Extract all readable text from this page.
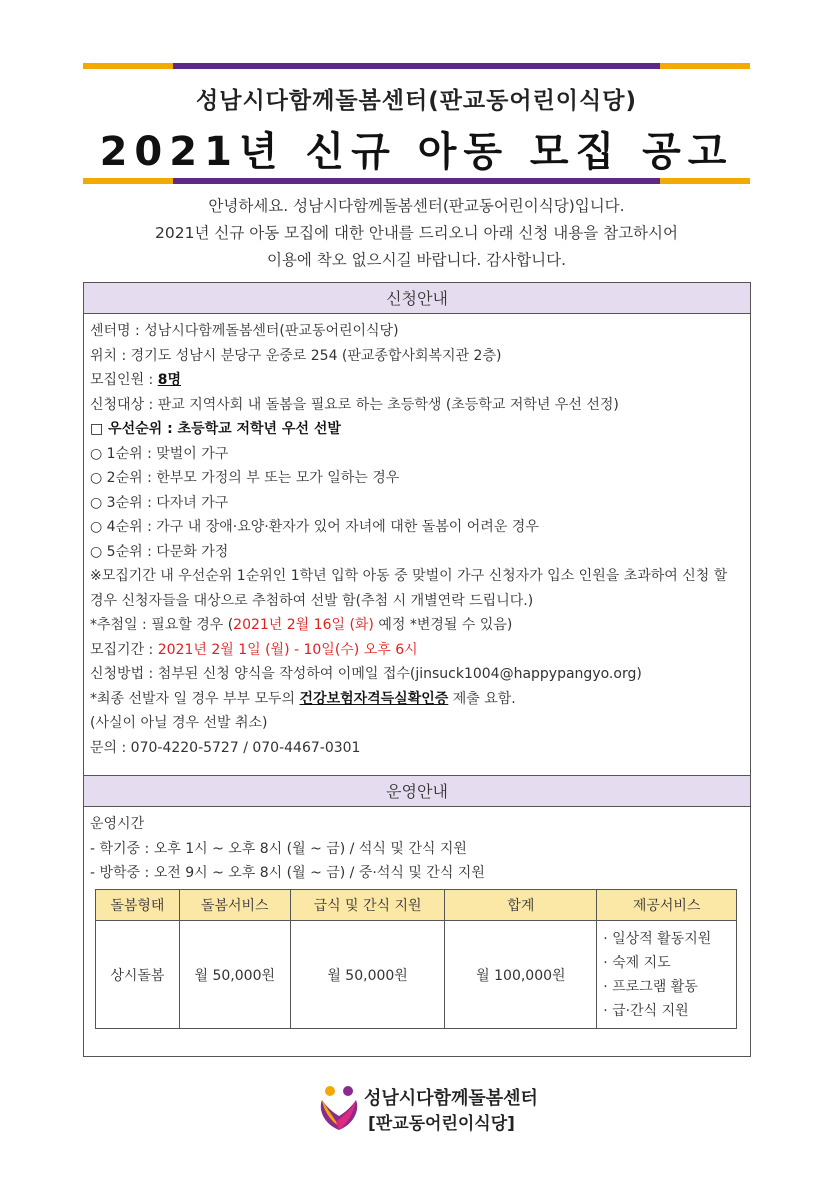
성남시다함께돌봄센터(판교동어린이식당)
2021년 신규 아동 모집 공고
안녕하세요. 성남시다함께돌봄센터(판교동어린이식당)입니다.
2021년 신규 아동 모집에 대한 안내를 드리오니 아래 신청 내용을 참고하시어
이용에 착오 없으시길 바랍니다. 감사합니다.
신청안내
센터명 : 성남시다함께돌봄센터(판교동어린이식당)
위치 : 경기도 성남시 분당구 운중로 254 (판교종합사회복지관 2층)
모집인원 : 8명
신청대상 : 판교 지역사회 내 돌봄을 필요로 하는 초등학생 (초등학교 저학년 우선 선정)
□ 우선순위 : 초등학교 저학년 우선 선발
○ 1순위 : 맞벌이 가구
○ 2순위 : 한부모 가정의 부 또는 모가 일하는 경우
○ 3순위 : 다자녀 가구
○ 4순위 : 가구 내 장애·요양·환자가 있어 자녀에 대한 돌봄이 어려운 경우
○ 5순위 : 다문화 가정
※모집기간 내 우선순위 1순위인 1학년 입학 아동 중 맞벌이 가구 신청자가 입소 인원을 초과하여 신청 할 경우 신청자들을 대상으로 추첨하여 선발 함(추첨 시 개별연락 드립니다.)
*추첨일 : 필요할 경우 (2021년 2월 16일 (화) 예정 *변경될 수 있음)
모집기간 : 2021년 2월 1일 (월) - 10일(수) 오후 6시
신청방법 : 첨부된 신청 양식을 작성하여 이메일 접수(jinsuck1004@happypangyo.org)
*최종 선발자 일 경우 부부 모두의 건강보험자격득실확인증 제출 요함.
(사실이 아닐 경우 선발 취소)
문의 : 070-4220-5727 / 070-4467-0301
운영안내
운영시간
- 학기중 : 오후 1시 ~ 오후 8시 (월 ~ 금) / 석식 및 간식 지원
- 방학중 : 오전 9시 ~ 오후 8시 (월 ~ 금) / 중·석식 및 간식 지원
돌봄형태	돌봄서비스	급식 및 간식 지원	합계	제공서비스
상시돌봄	월 50,000원	월 50,000원	월 100,000원	· 일상적 활동지원
· 숙제 지도
· 프로그램 활동
· 급·간식 지원
성남시다함께돌봄센터
[판교동어린이식당]
